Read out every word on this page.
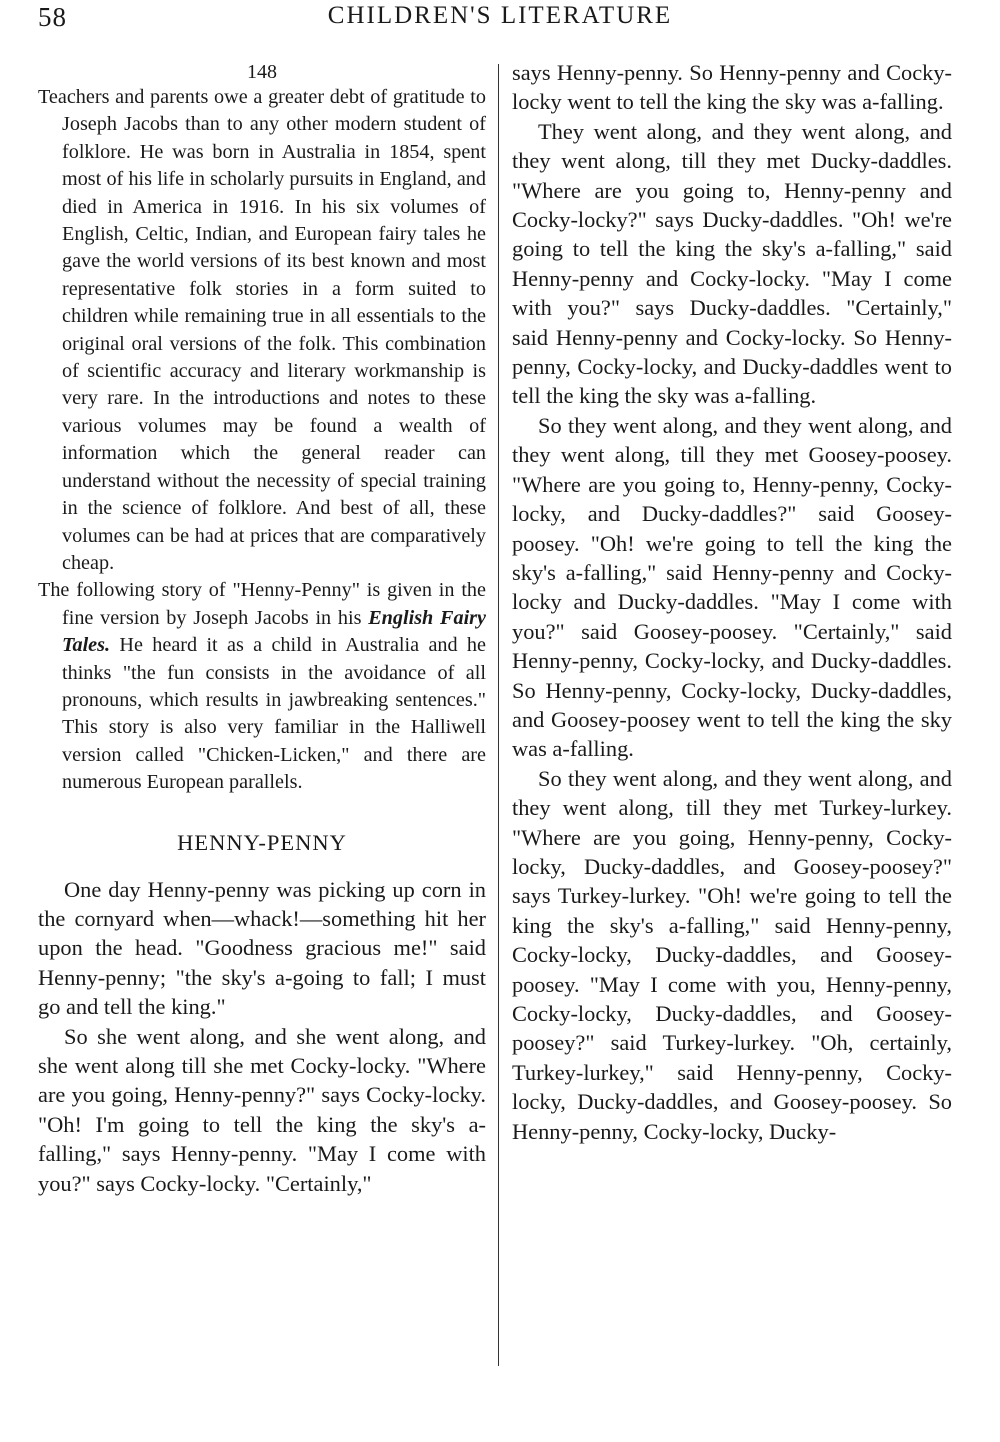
58	CHILDREN'S LITERATURE
148

Teachers and parents owe a greater debt of gratitude to Joseph Jacobs than to any other modern student of folklore. He was born in Australia in 1854, spent most of his life in scholarly pursuits in England, and died in America in 1916. In his six volumes of English, Celtic, Indian, and European fairy tales he gave the world versions of its best known and most representative folk stories in a form suited to children while remaining true in all essentials to the original oral versions of the folk. This combination of scientific accuracy and literary workmanship is very rare. In the introductions and notes to these various volumes may be found a wealth of information which the general reader can understand without the necessity of special training in the science of folklore. And best of all, these volumes can be had at prices that are comparatively cheap.

The following story of "Henny-Penny" is given in the fine version by Joseph Jacobs in his English Fairy Tales. He heard it as a child in Australia and he thinks "the fun consists in the avoidance of all pronouns, which results in jawbreaking sentences." This story is also very familiar in the Halliwell version called "Chicken-Licken," and there are numerous European parallels.

HENNY-PENNY

One day Henny-penny was picking up corn in the cornyard when—whack!—something hit her upon the head. "Goodness gracious me!" said Henny-penny; "the sky's a-going to fall; I must go and tell the king."

So she went along, and she went along, and she went along till she met Cocky-locky. "Where are you going, Henny-penny?" says Cocky-locky. "Oh! I'm going to tell the king the sky's a-falling," says Henny-penny. "May I come with you?" says Cocky-locky. "Certainly,"

says Henny-penny. So Henny-penny and Cocky-locky went to tell the king the sky was a-falling.

They went along, and they went along, and they went along, till they met Ducky-daddles. "Where are you going to, Henny-penny and Cocky-locky?" says Ducky-daddles. "Oh! we're going to tell the king the sky's a-falling," said Henny-penny and Cocky-locky. "May I come with you?" says Ducky-daddles. "Certainly," said Henny-penny and Cocky-locky. So Henny-penny, Cocky-locky, and Ducky-daddles went to tell the king the sky was a-falling.

So they went along, and they went along, and they went along, till they met Goosey-poosey. "Where are you going to, Henny-penny, Cocky-locky, and Ducky-daddles?" said Goosey-poosey. "Oh! we're going to tell the king the sky's a-falling," said Henny-penny and Cocky-locky and Ducky-daddles. "May I come with you?" said Goosey-poosey. "Certainly," said Henny-penny, Cocky-locky, and Ducky-daddles. So Henny-penny, Cocky-locky, Ducky-daddles, and Goosey-poosey went to tell the king the sky was a-falling.

So they went along, and they went along, and they went along, till they met Turkey-lurkey. "Where are you going, Henny-penny, Cocky-locky, Ducky-daddles, and Goosey-poosey?" says Turkey-lurkey. "Oh! we're going to tell the king the sky's a-falling," said Henny-penny, Cocky-locky, Ducky-daddles, and Goosey-poosey. "May I come with you, Henny-penny, Cocky-locky, Ducky-daddles, and Goosey-poosey?" said Turkey-lurkey. "Oh, certainly, Turkey-lurkey," said Henny-penny, Cocky-locky, Ducky-daddles, and Goosey-poosey. So Henny-penny, Cocky-locky, Ducky-
